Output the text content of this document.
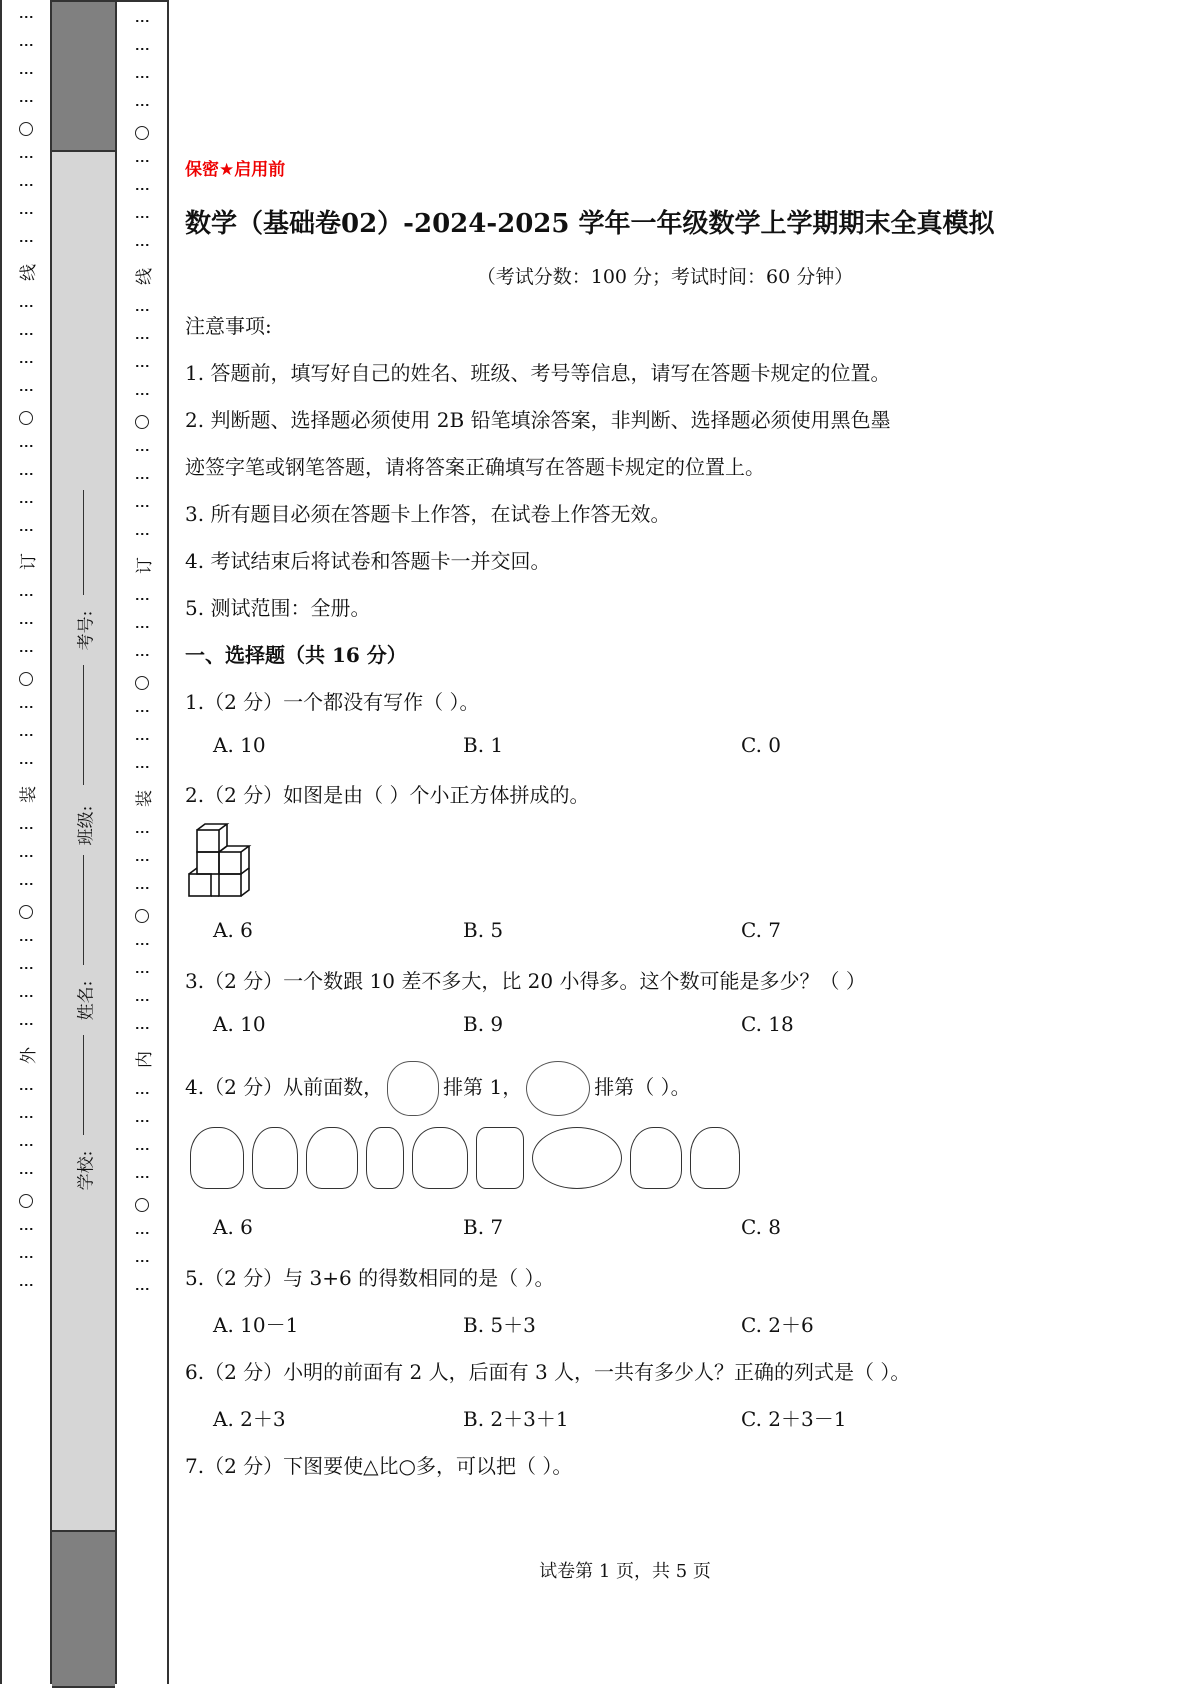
⋮
⋮
⋮
⋮
⋮
⋮
⋮
⋮
线
⋮
⋮
⋮
⋮
⋮
⋮
⋮
⋮
订
⋮
⋮
⋮
⋮
⋮
⋮
装
⋮
⋮
⋮
⋮
⋮
⋮
⋮
外
⋮
⋮
⋮
⋮
⋮
⋮
⋮
考号:
班级:
姓名:
学校:
⋮
⋮
⋮
⋮
⋮
⋮
⋮
⋮
线
⋮
⋮
⋮
⋮
⋮
⋮
⋮
⋮
订
⋮
⋮
⋮
⋮
⋮
⋮
装
⋮
⋮
⋮
⋮
⋮
⋮
⋮
内
⋮
⋮
⋮
⋮
⋮
⋮
⋮
保密★启用前
数学（基础卷02）-2024-2025 学年一年级数学上学期期末全真模拟
（考试分数：100 分；考试时间：60 分钟）
注意事项:
1. 答题前，填写好自己的姓名、班级、考号等信息，请写在答题卡规定的位置。
2. 判断题、选择题必须使用 2B 铅笔填涂答案，非判断、选择题必须使用黑色墨
迹签字笔或钢笔答题，请将答案正确填写在答题卡规定的位置上。
3. 所有题目必须在答题卡上作答，在试卷上作答无效。
4. 考试结束后将试卷和答题卡一并交回。
5. 测试范围：全册。
一、选择题（共 16 分）
1.（2 分）一个都没有写作（ ）。
A. 10	B. 1	C. 0
2.（2 分）如图是由（ ）个小正方体拼成的。
A. 6	B. 5	C. 7
3.（2 分）一个数跟 10 差不多大，比 20 小得多。这个数可能是多少？（ ）
A. 10	B. 9	C. 18
4.（2 分）从前面数，	排第 1，	排第（ ）。
A. 6	B. 7	C. 8
5.（2 分）与 3+6 的得数相同的是（ ）。
A. 10－1	B. 5＋3	C. 2＋6
6.（2 分）小明的前面有 2 人，后面有 3 人，一共有多少人？正确的列式是（ ）。
A. 2＋3	B. 2＋3＋1	C. 2＋3－1
7.（2 分）下图要使△比○多，可以把（ ）。
试卷第 1 页，共 5 页
